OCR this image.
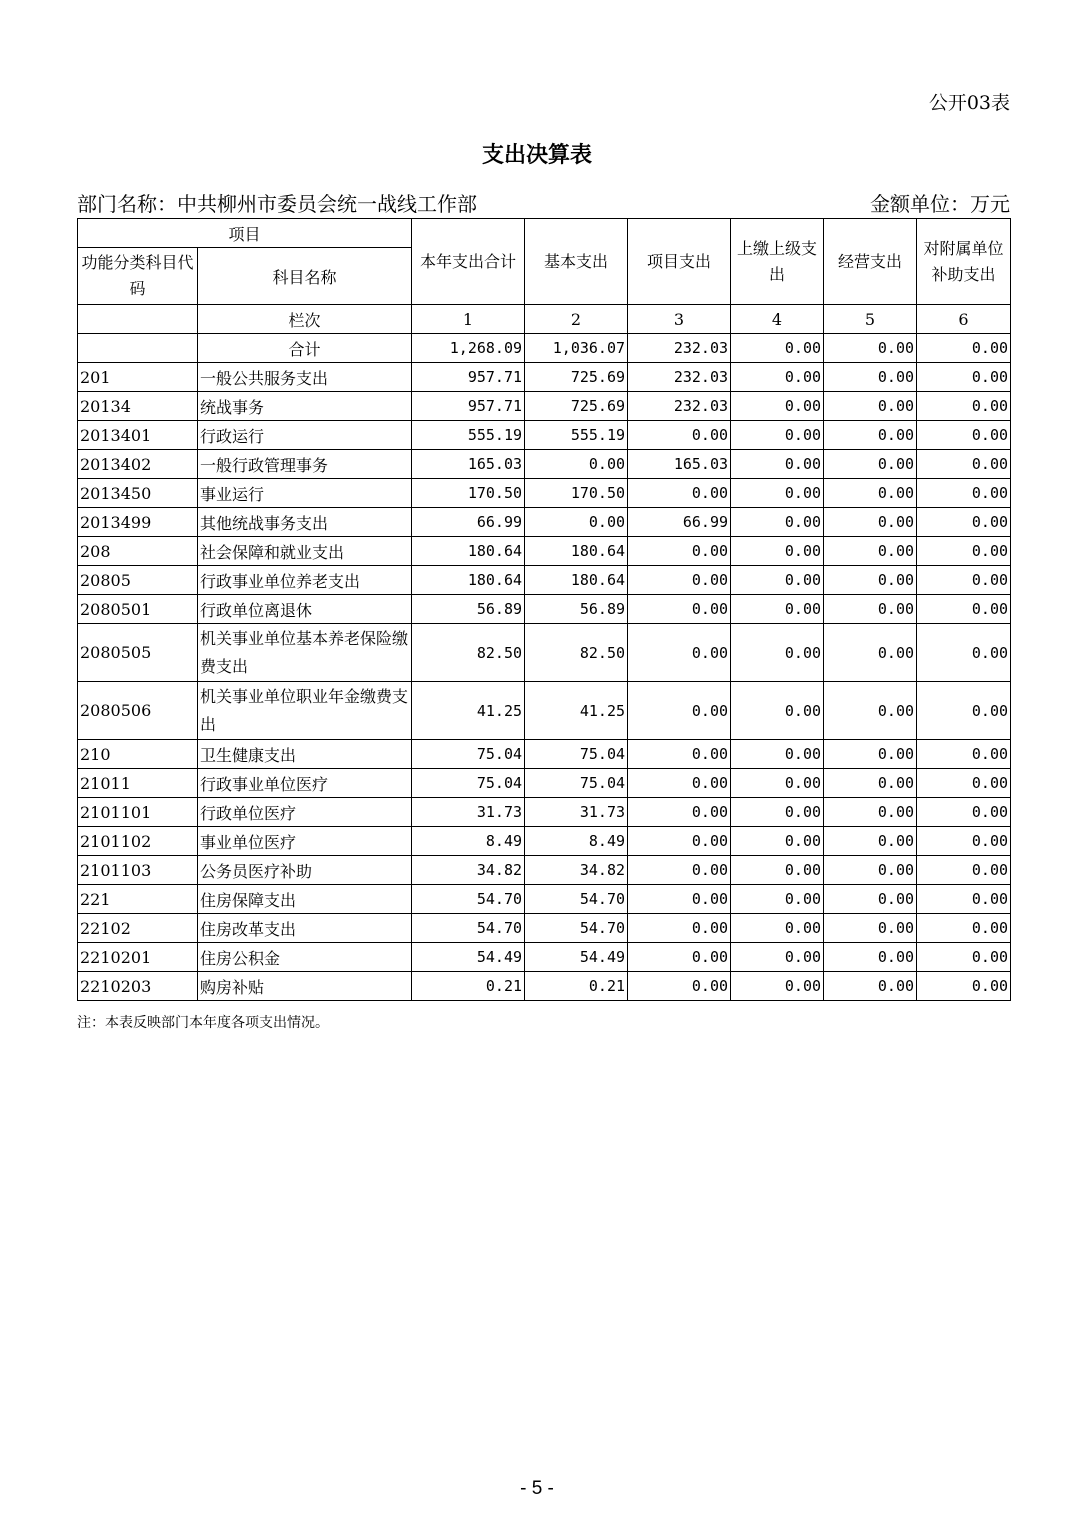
公开03表
支出决算表
部门名称：中共柳州市委员会统一战线工作部	金额单位：万元
项目		本年支出合计	基本支出	项目支出	上缴上级支出	经营支出	对附属单位补助支出
功能分类科目代码	科目名称						
	栏次	1	2	3	4	5	6
	合计	1,268.09	1,036.07	232.03	0.00	0.00	0.00
201	一般公共服务支出	957.71	725.69	232.03	0.00	0.00	0.00
20134	统战事务	957.71	725.69	232.03	0.00	0.00	0.00
2013401	行政运行	555.19	555.19	0.00	0.00	0.00	0.00
2013402	一般行政管理事务	165.03	0.00	165.03	0.00	0.00	0.00
2013450	事业运行	170.50	170.50	0.00	0.00	0.00	0.00
2013499	其他统战事务支出	66.99	0.00	66.99	0.00	0.00	0.00
208	社会保障和就业支出	180.64	180.64	0.00	0.00	0.00	0.00
20805	行政事业单位养老支出	180.64	180.64	0.00	0.00	0.00	0.00
2080501	行政单位离退休	56.89	56.89	0.00	0.00	0.00	0.00
2080505	机关事业单位基本养老保险缴费支出	82.50	82.50	0.00	0.00	0.00	0.00
2080506	机关事业单位职业年金缴费支出	41.25	41.25	0.00	0.00	0.00	0.00
210	卫生健康支出	75.04	75.04	0.00	0.00	0.00	0.00
21011	行政事业单位医疗	75.04	75.04	0.00	0.00	0.00	0.00
2101101	行政单位医疗	31.73	31.73	0.00	0.00	0.00	0.00
2101102	事业单位医疗	8.49	8.49	0.00	0.00	0.00	0.00
2101103	公务员医疗补助	34.82	34.82	0.00	0.00	0.00	0.00
221	住房保障支出	54.70	54.70	0.00	0.00	0.00	0.00
22102	住房改革支出	54.70	54.70	0.00	0.00	0.00	0.00
2210201	住房公积金	54.49	54.49	0.00	0.00	0.00	0.00
2210203	购房补贴	0.21	0.21	0.00	0.00	0.00	0.00
注：本表反映部门本年度各项支出情况。
- 5 -
